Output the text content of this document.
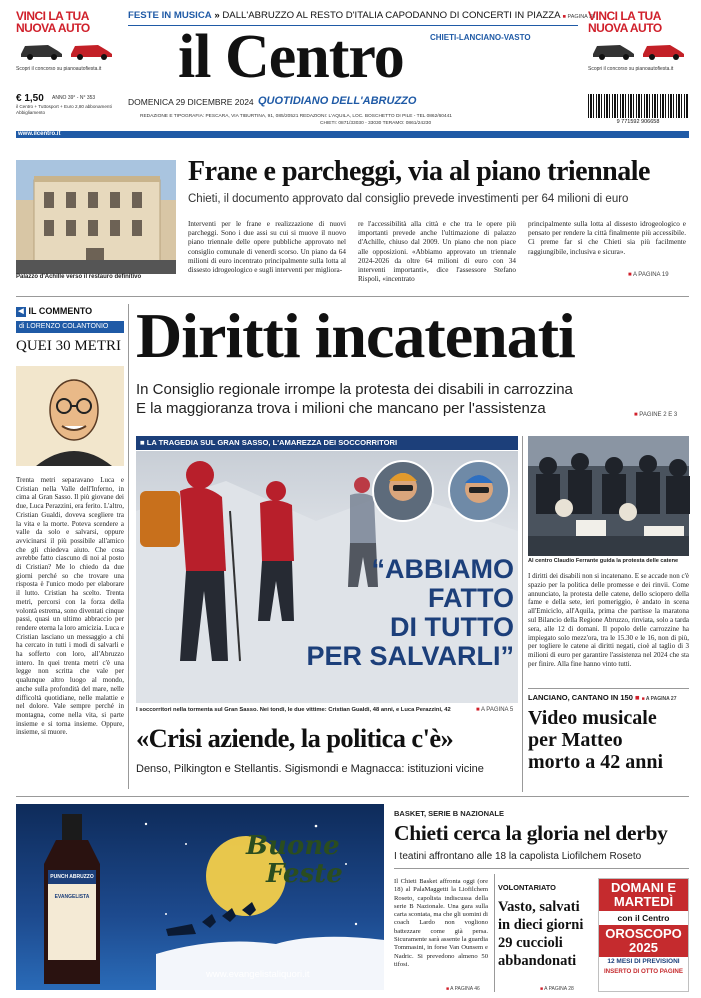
VINCI LA TUA NUOVA AUTO
Scopri il concorso su pianoautofiesta.it
FESTE IN MUSICA » DALL'ABRUZZO AL RESTO D'ITALIA CAPODANNO DI CONCERTI IN PIAZZA ■ PAGINA 38
il Centro	CHIETI-LANCIANO-VASTO
DOMENICA 29 DICEMBRE 2024 QUOTIDIANO DELL'ABRUZZO
€ 1,50 ANNO 39° - N° 353
il Centro + Tuttosport + Euro 2,80 abbonamenti Abbigliamento
REDAZIONE E TIPOGRAFIA: PESCARA, VIA TIBURTINA, 91, 085/20521 REDAZIONI: L'AQUILA, LOC. BOSCHETTO DI PILE - TEL 0862/60441
CHIETI: 0871/33030 - 33030 TERAMO: 0861/24230
VINCI LA TUA NUOVA AUTO
Scopri il concorso su pianoautofiesta.it
9 771592 906658
www.ilcentro.it
Palazzo d'Achille verso il restauro definitivo
Frane e parcheggi, via al piano triennale
Chieti, il documento approvato dal consiglio prevede investimenti per 64 milioni di euro
Interventi per le frane e realizzazione di nuovi parcheggi. Sono i due assi su cui si muove il nuovo piano triennale delle opere pubbliche approvato nel consiglio comunale di venerdì scorso. Un piano da 64 milioni di euro incentrato principalmente sulla lotta al dissesto idrogeologico e sugli interventi per migliora-
re l'accessibilità alla città e che tra le opere più importanti prevede anche l'ultimazione di palazzo d'Achille, chiuso dal 2009. Un piano che non piace alle opposizioni. «Abbiamo approvato un triennale 2024-2026 da oltre 64 milioni di euro con 34 interventi importanti», dice l'assessore Stefano Rispoli, «incentrato
principalmente sulla lotta al dissesto idrogeologico e pensato per rendere la città finalmente più accessibile. Ci preme far sì che Chieti sia più facilmente raggiungibile, inclusiva e sicura».
■ A PAGINA 19
◀ IL COMMENTO
di LORENZO COLANTONIO
QUEI 30 METRI
Trenta metri separavano Luca e Cristian nella Valle dell'Inferno, in cima al Gran Sasso. Il più giovane dei due, Luca Perazzini, era ferito. L'altro, Cristian Gualdi, doveva scegliere tra la vita e la morte. Poteva scendere a valle da solo e salvarsi, oppure avvicinarsi il più possibile all'amico che gli chiedeva aiuto. Che cosa avrebbe fatto ciascuno di noi al posto di Cristian? Me lo chiedo da due giorni perché so che trovare una risposta è l'unico modo per elaborare il lutto. Cristian ha scelto. Trenta metri, percorsi con la forza della volontà estrema, sono diventati cinque passi, quasi un ultimo abbraccio per rendere eterna la loro amicizia. Luca e Cristian lasciano un messaggio a chi ha cercato in tutti i modi di salvarli e ha sofferto con loro, all'Abruzzo intero. In quei trenta metri c'è una legge non scritta che vale per qualunque altro luogo al mondo, anche sulla profondità del mare, nelle difficoltà quotidiane, nelle malattie e nel dolore. Vale sempre perché in montagna, come nella vita, si parte insieme e si torna insieme. Oppure, insieme, si muore.
Diritti incatenati
In Consiglio regionale irrompe la protesta dei disabili in carrozzina
E la maggioranza trova i milioni che mancano per l'assistenza	■ PAGINE 2 E 3
■ LA TRAGEDIA SUL GRAN SASSO, L'AMAREZZA DEI SOCCORRITORI
“ABBIAMO
FATTO
DI TUTTO
PER SALVARLI”
I soccorritori nella tormenta sul Gran Sasso. Nei tondi, le due vittime: Cristian Gualdi, 48 anni, e Luca Perazzini, 42	■ A PAGINA 5
Al centro Claudio Ferrante guida la protesta delle catene
I diritti dei disabili non si incatenano. E se accade non c'è spazio per la politica delle promesse e dei rinvii. Come annunciato, la protesta delle catene, dello sciopero della fame e della sete, ieri pomeriggio, è andato in scena all'Emiciclo, all'Aquila, prima che partisse la maratona sul Bilancio della Regione Abruzzo, rinviata, solo a tarda sera, alle 12 di domani. Il popolo delle carrozzine ha impiegato solo mezz'ora, tra le 15.30 e le 16, non di più, per togliere le catene ai diritti negati, cioè al taglio di 3 milioni di euro per garantire l'assistenza nel 2024 che sta per finire. Alla fine hanno vinto tutti.
LANCIANO, CANTANO IN 150 ■ ■ A PAGINA 27
Video musicale
per Matteo
morto a 42 anni
«Crisi aziende, la politica c'è»
Denso, Pilkington e Stellantis. Sigismondi e Magnacca: istituzioni vicine
PUNCH ABRUZZO
EVANGELISTA
Buone
Feste
www.evangelistaliquori.it
BASKET, SERIE B NAZIONALE
Chieti cerca la gloria nel derby
I teatini affrontano alle 18 la capolista Liofilchem Roseto
Il Chieti Basket affronta oggi (ore 18) al PalaMaggetti la Liofilchem Roseto, capolista indiscussa della serie B Nazionale. Una gara sulla carta scontata, ma che gli uomini di coach Lardo non vogliono battezzare come già persa. Sicuramente sarà assente la guardia Tommasini, in forse Van Ounsem e Nadric. Si prevedono almeno 50 tifosi.
■ A PAGINA 46
VOLONTARIATO
Vasto, salvati
in dieci giorni
29 cuccioli
abbandonati
■ A PAGINA 28
DOMANI E
MARTEDÌ
con il Centro
OROSCOPO
2025
12 MESI DI PREVISIONI
INSERTO DI OTTO PAGINE
